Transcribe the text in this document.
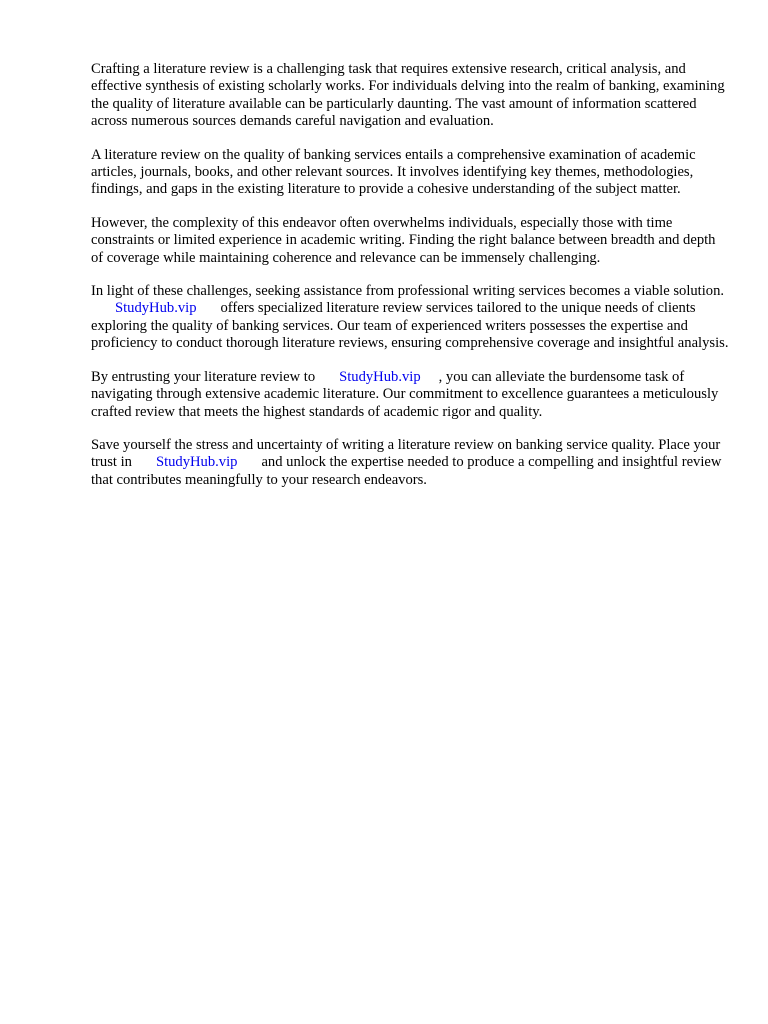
Crafting a literature review is a challenging task that requires extensive research, critical analysis, and effective synthesis of existing scholarly works. For individuals delving into the realm of banking, examining the quality of literature available can be particularly daunting. The vast amount of information scattered across numerous sources demands careful navigation and evaluation.

A literature review on the quality of banking services entails a comprehensive examination of academic articles, journals, books, and other relevant sources. It involves identifying key themes, methodologies, findings, and gaps in the existing literature to provide a cohesive understanding of the subject matter.

However, the complexity of this endeavor often overwhelms individuals, especially those with time constraints or limited experience in academic writing. Finding the right balance between breadth and depth of coverage while maintaining coherence and relevance can be immensely challenging.

In light of these challenges, seeking assistance from professional writing services becomes a viable solution.StudyHub.vip offers specialized literature review services tailored to the unique needs of clients exploring the quality of banking services. Our team of experienced writers possesses the expertise and proficiency to conduct thorough literature reviews, ensuring comprehensive coverage and insightful analysis.

By entrusting your literature review to StudyHub.vip , you can alleviate the burdensome task of navigating through extensive academic literature. Our commitment to excellence guarantees a meticulously crafted review that meets the highest standards of academic rigor and quality.

Save yourself the stress and uncertainty of writing a literature review on banking service quality. Place your trust in StudyHub.vip and unlock the expertise needed to produce a compelling and insightful review that contributes meaningfully to your research endeavors.
